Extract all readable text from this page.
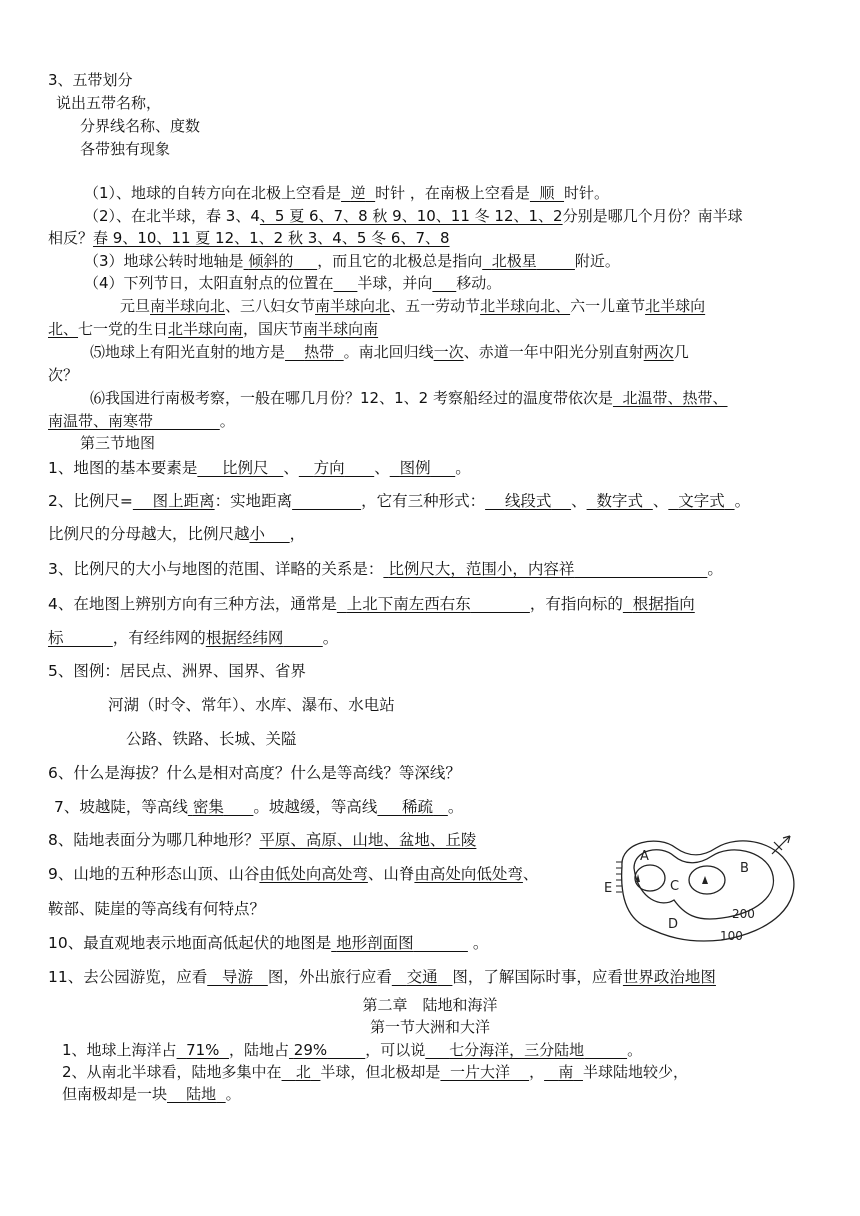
3、五带划分
说出五带名称，
分界线名称、度数
各带独有现象
（1）、地球的自转方向在北极上空看是 逆 时针 ，在南极上空看是 顺 时针。
（2）、在北半球，春 3、4、5 夏 6、7、8 秋 9、10、11 冬 12、1、2分别是哪几个月份？南半球
相反？春 9、10、11 夏 12、1、2 秋 3、4、5 冬 6、7、8
（3）地球公转时地轴是 倾斜的 ，而且它的北极总是指向 北极星	附近。
（4）下列节日，太阳直射点的位置在 半球，并向 移动。
元旦南半球向北、三八妇女节南半球向北、五一劳动节北半球向北、六一儿童节北半球向
北、七一党的生日北半球向南，国庆节南半球向南
⑸地球上有阳光直射的地方是 热带 。南北回归线一次、赤道一年中阳光分别直射两次几
次？
⑹我国进行南极考察，一般在哪几月份？12、1、2 考察船经过的温度带依次是 北温带、热带、
南温带、南寒带	。
第三节地图
1、地图的基本要素是 比例尺 、 方向 、 图例 。
2、比例尺= 图上距离：实地距离	，它有三种形式： 线段式 、 数字式 、 文字式 。
比例尺的分母越大，比例尺越小 ，
3、比例尺的大小与地图的范围、详略的关系是： 比例尺大，范围小，内容祥	。
4、在地图上辨别方向有三种方法，通常是 上北下南左西右东	，有指向标的 根据指向
标	，有经纬网的根据经纬网	。
5、图例：居民点、洲界、国界、省界
河湖（时令、常年）、水库、瀑布、水电站
公路、铁路、长城、关隘
6、什么是海拔？什么是相对高度？什么是等高线？等深线？
7、坡越陡，等高线 密集 。坡越缓，等高线 稀疏 。
8、陆地表面分为哪几种地形？平原、高原、山地、盆地、丘陵
9、山地的五种形态山顶、山谷由低处向高处弯、山脊由高处向低处弯、
鞍部、陡崖的等高线有何特点？
10、最直观地表示地面高低起伏的地图是 地形剖面图	。
11、去公园游览，应看 导游 图，外出旅行应看 交通 图，了解国际时事，应看世界政治地图
A
B
C
D
E
200
100
第二章　陆地和海洋
第一节大洲和大洋
1、地球上海洋占 71% ，陆地占 29%	，可以说 七分海洋，三分陆地	。
2、从南北半球看，陆地多集中在 北 半球，但北极却是 一片大洋 ， 南 半球陆地较少，
但南极却是一块 陆地 。
